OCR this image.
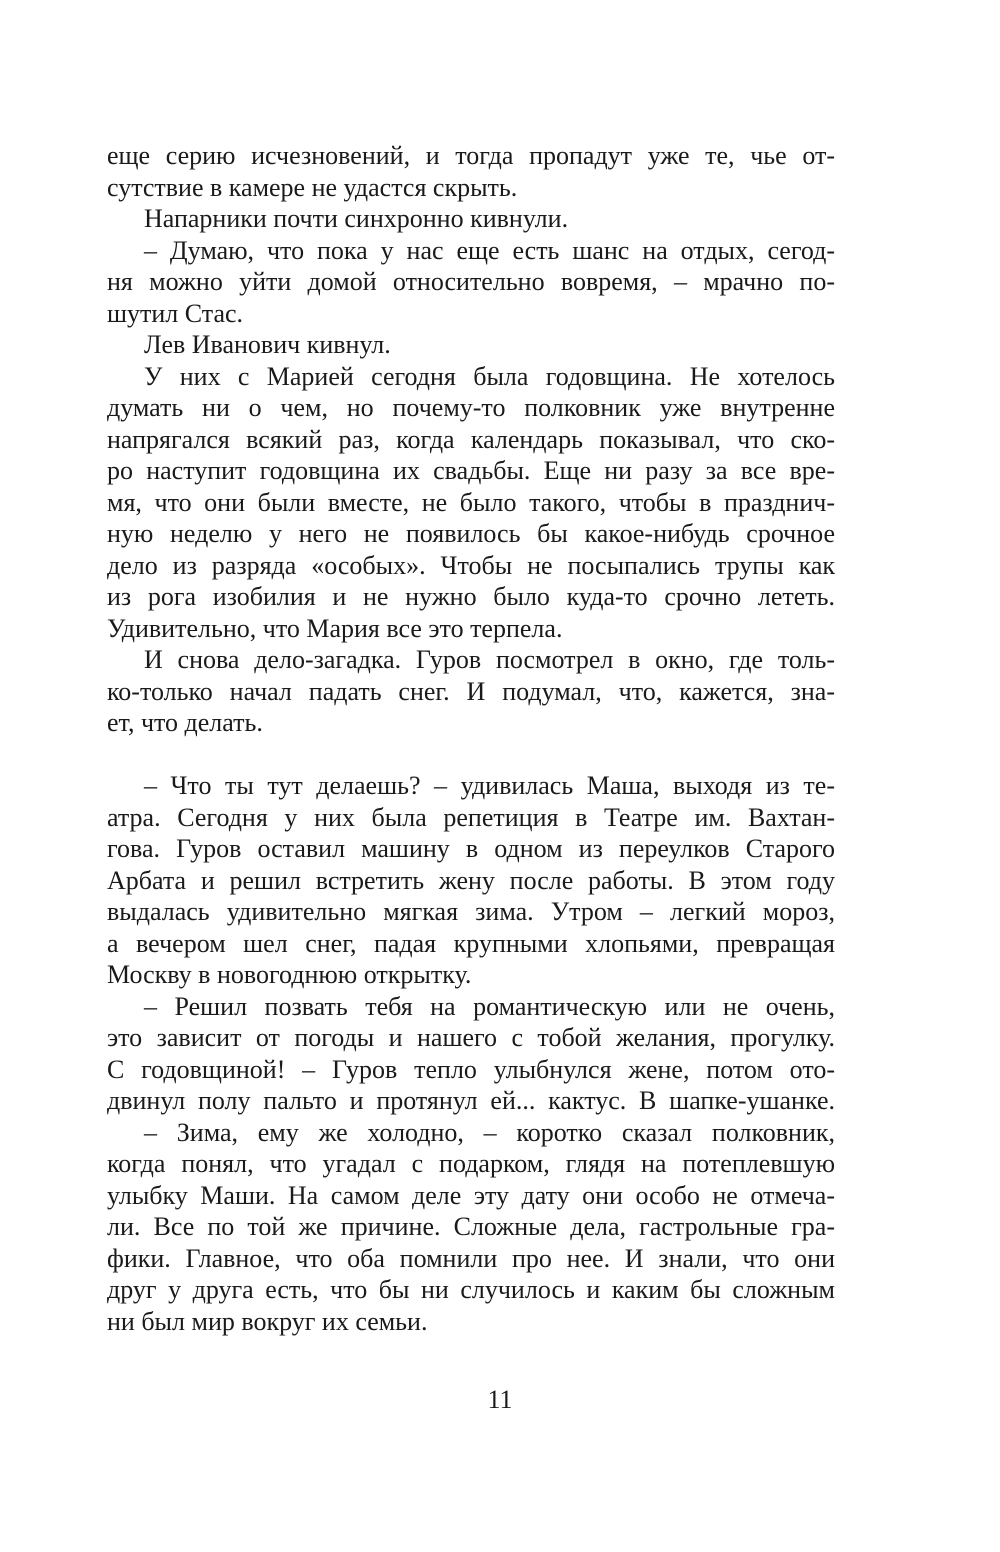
еще серию исчезновений, и тогда пропадут уже те, чье от-
сутствие в камере не удастся скрыть.
Напарники почти синхронно кивнули.
– Думаю, что пока у нас еще есть шанс на отдых, сегод-
ня можно уйти домой относительно вовремя, – мрачно по-
шутил Стас.
Лев Иванович кивнул.
У них с Марией сегодня была годовщина. Не хотелось
думать ни о чем, но почему-то полковник уже внутренне
напрягался всякий раз, когда календарь показывал, что ско-
ро наступит годовщина их свадьбы. Еще ни разу за все вре-
мя, что они были вместе, не было такого, чтобы в празднич-
ную неделю у него не появилось бы какое-нибудь срочное
дело из разряда «особых». Чтобы не посыпались трупы как
из рога изобилия и не нужно было куда-то срочно лететь.
Удивительно, что Мария все это терпела.
И снова дело-загадка. Гуров посмотрел в окно, где толь-
ко-только начал падать снег. И подумал, что, кажется, зна-
ет, что делать.
– Что ты тут делаешь? – удивилась Маша, выходя из те-
атра. Сегодня у них была репетиция в Театре им. Вахтан-
гова. Гуров оставил машину в одном из переулков Старого
Арбата и решил встретить жену после работы. В этом году
выдалась удивительно мягкая зима. Утром – легкий мороз,
а вечером шел снег, падая крупными хлопьями, превращая
Москву в новогоднюю открытку.
– Решил позвать тебя на романтическую или не очень,
это зависит от погоды и нашего с тобой желания, прогулку.
С годовщиной! – Гуров тепло улыбнулся жене, потом ото-
двинул полу пальто и протянул ей... кактус. В шапке-ушанке.
– Зима, ему же холодно, – коротко сказал полковник,
когда понял, что угадал с подарком, глядя на потеплевшую
улыбку Маши. На самом деле эту дату они особо не отмеча-
ли. Все по той же причине. Сложные дела, гастрольные гра-
фики. Главное, что оба помнили про нее. И знали, что они
друг у друга есть, что бы ни случилось и каким бы сложным
ни был мир вокруг их семьи.
11
